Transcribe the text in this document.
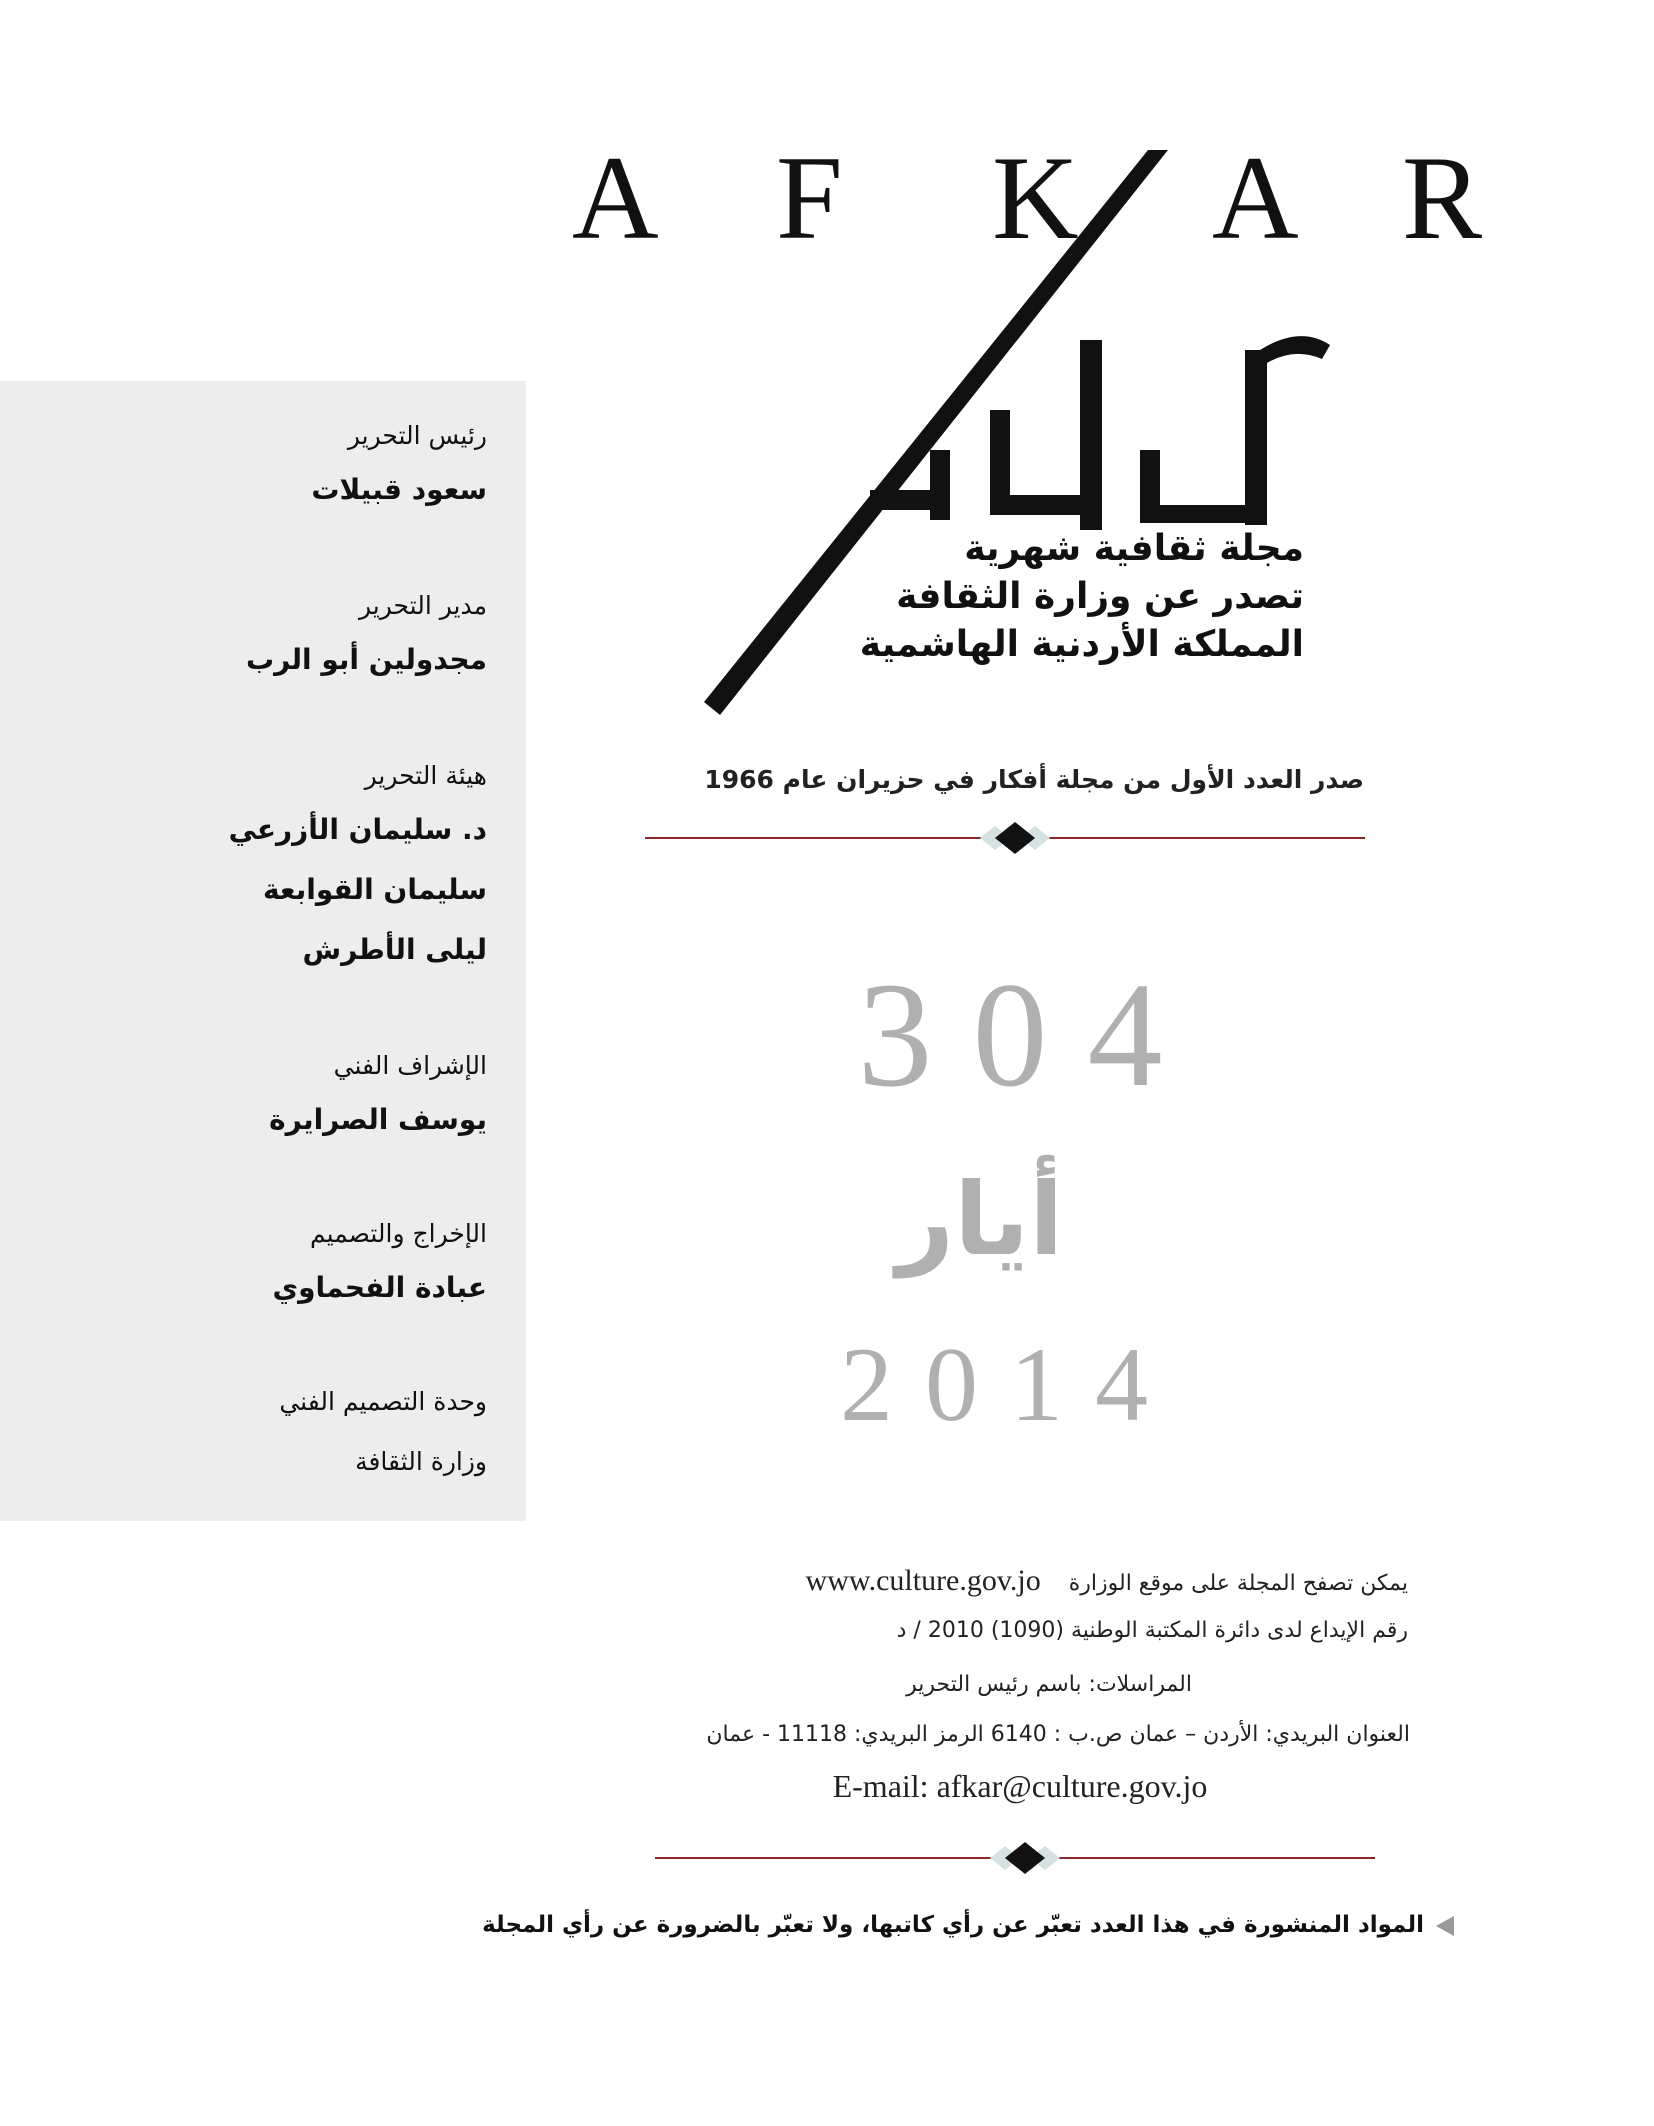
A F K A R
مجلة ثقافية شهرية
تصدر عن وزارة الثقافة
المملكة الأردنية الهاشمية
رئيس التحرير
سعود قبيلات
مدير التحرير
مجدولين أبو الرب
هيئة التحرير
د. سليمان الأزرعي
سليمان القوابعة
ليلى الأطرش
الإشراف الفني
يوسف الصرايرة
الإخراج والتصميم
عبادة الفحماوي
وحدة التصميم الفني
وزارة الثقافة
صدر العدد الأول من مجلة أفكار في حزيران عام 1966
304
أيار
2014
يمكن تصفح المجلة على موقع الوزارة    www.culture.gov.jo
رقم الإيداع لدى دائرة المكتبة الوطنية (1090) 2010 / د
المراسلات: باسم رئيس التحرير
العنوان البريدي: الأردن – عمان ص.ب : 6140 الرمز البريدي: 11118 - عمان
E-mail: afkar@culture.gov.jo
المواد المنشورة في هذا العدد تعبّر عن رأي كاتبها، ولا تعبّر بالضرورة عن رأي المجلة
